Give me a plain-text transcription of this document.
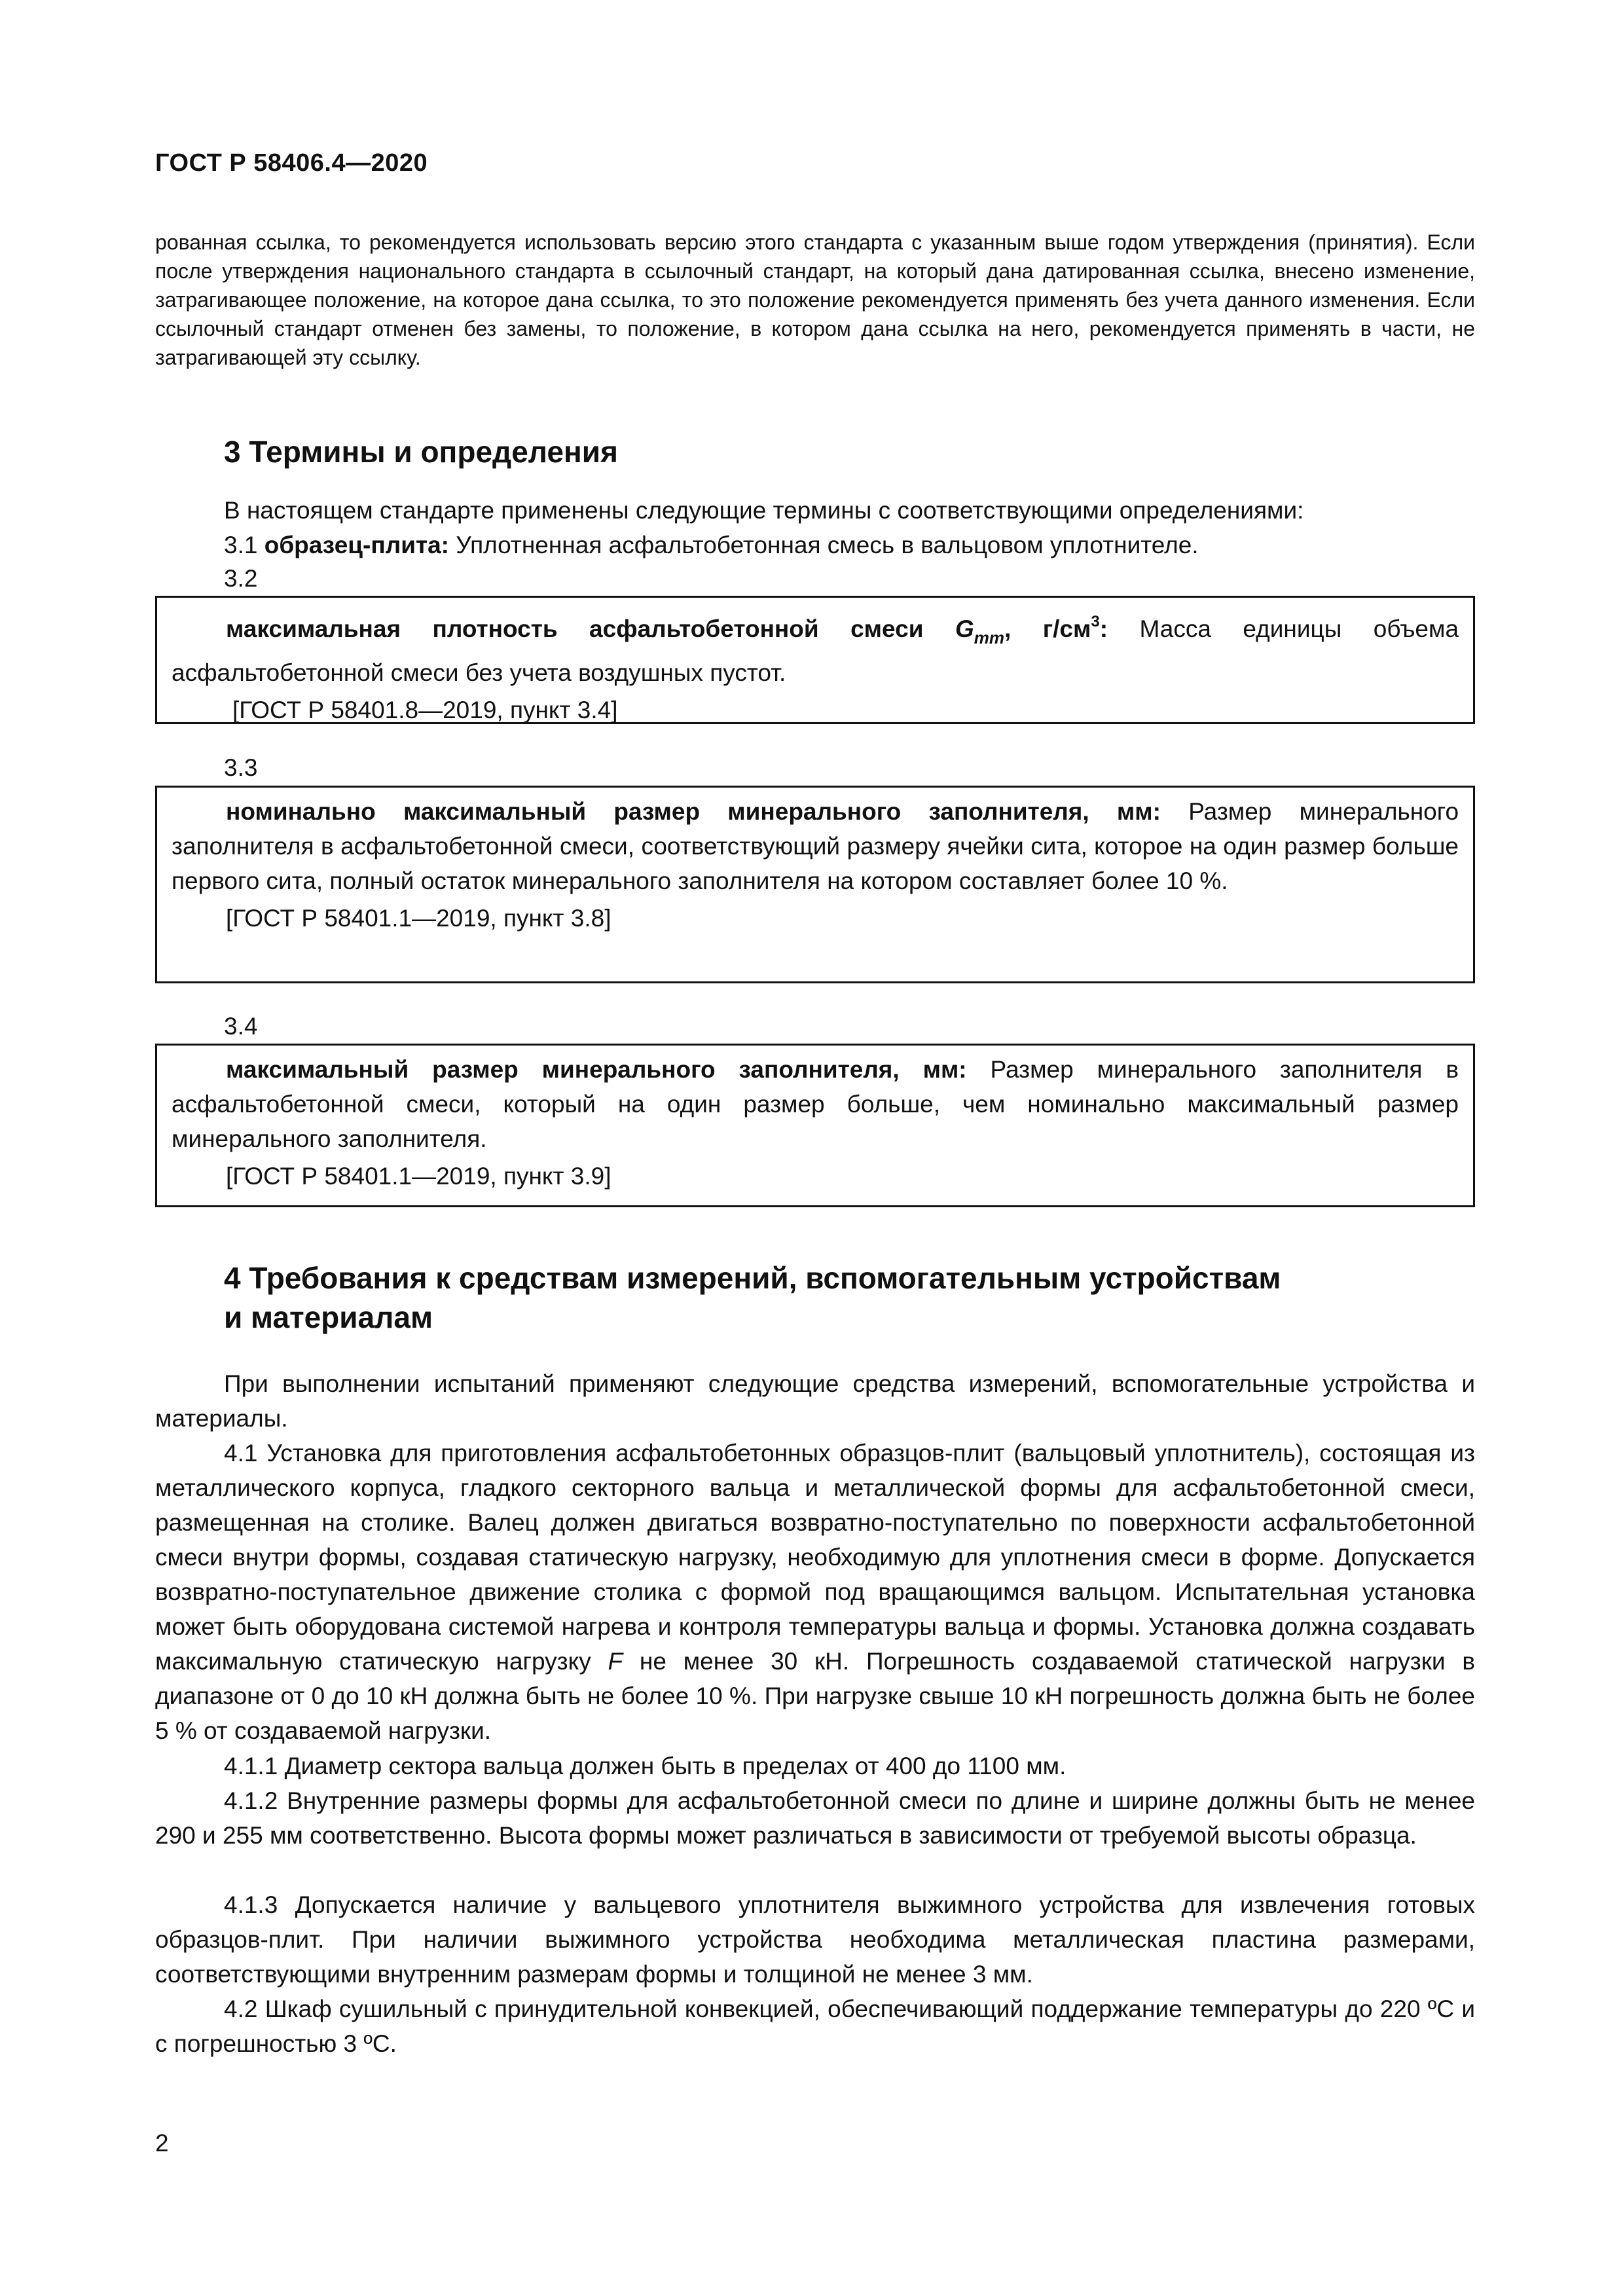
ГОСТ Р 58406.4—2020

рованная ссылка, то рекомендуется использовать версию этого стандарта с указанным выше годом утверждения (принятия). Если после утверждения национального стандарта в ссылочный стандарт, на который дана датированная ссылка, внесено изменение, затрагивающее положение, на которое дана ссылка, то это положение рекомендуется применять без учета данного изменения. Если ссылочный стандарт отменен без замены, то положение, в котором дана ссылка на него, рекомендуется применять в части, не затрагивающей эту ссылку.

3 Термины и определения

В настоящем стандарте применены следующие термины с соответствующими определениями:

3.1 образец-плита: Уплотненная асфальтобетонная смесь в вальцовом уплотнителе.

3.2

максимальная плотность асфальтобетонной смеси $G_{mm}$, $г/см^3$: Масса единицы объема асфальтобетонной смеси без учета воздушных пустот.

[ГОСТ Р 58401.8—2019, пункт 3.4]

3.3

номинально максимальный размер минерального заполнителя, мм: Размер минерального заполнителя в асфальтобетонной смеси, соответствующий размеру ячейки сита, которое на один размер больше первого сита, полный остаток минерального заполнителя на котором составляет более 10 %.

[ГОСТ Р 58401.1—2019, пункт 3.8]

3.4

максимальный размер минерального заполнителя, мм: Размер минерального заполнителя в асфальтобетонной смеси, который на один размер больше, чем номинально максимальный размер минерального заполнителя.

[ГОСТ Р 58401.1—2019, пункт 3.9]

4 Требования к средствам измерений, вспомогательным устройствам
и материалам

При выполнении испытаний применяют следующие средства измерений, вспомогательные устройства и материалы.

4.1 Установка для приготовления асфальтобетонных образцов-плит (вальцовый уплотнитель), состоящая из металлического корпуса, гладкого секторного вальца и металлической формы для асфальтобетонной смеси, размещенная на столике. Валец должен двигаться возвратно-поступательно по поверхности асфальтобетонной смеси внутри формы, создавая статическую нагрузку, необходимую для уплотнения смеси в форме. Допускается возвратно-поступательное движение столика с формой под вращающимся вальцом. Испытательная установка может быть оборудована системой нагрева и контроля температуры вальца и формы. Установка должна создавать максимальную статическую нагрузку F не менее 30 кН. Погрешность создаваемой статической нагрузки в диапазоне от 0 до 10 кН должна быть не более 10 %. При нагрузке свыше 10 кН погрешность должна быть не более 5 % от создаваемой нагрузки.

4.1.1 Диаметр сектора вальца должен быть в пределах от 400 до 1100 мм.

4.1.2 Внутренние размеры формы для асфальтобетонной смеси по длине и ширине должны быть не менее 290 и 255 мм соответственно. Высота формы может различаться в зависимости от требуемой высоты образца.

4.1.3 Допускается наличие у вальцевого уплотнителя выжимного устройства для извлечения готовых образцов-плит. При наличии выжимного устройства необходима металлическая пластина размерами, соответствующими внутренним размерам формы и толщиной не менее 3 мм.

4.2 Шкаф сушильный с принудительной конвекцией, обеспечивающий поддержание температуры до 220 ºС и с погрешностью 3 ºС.

2
